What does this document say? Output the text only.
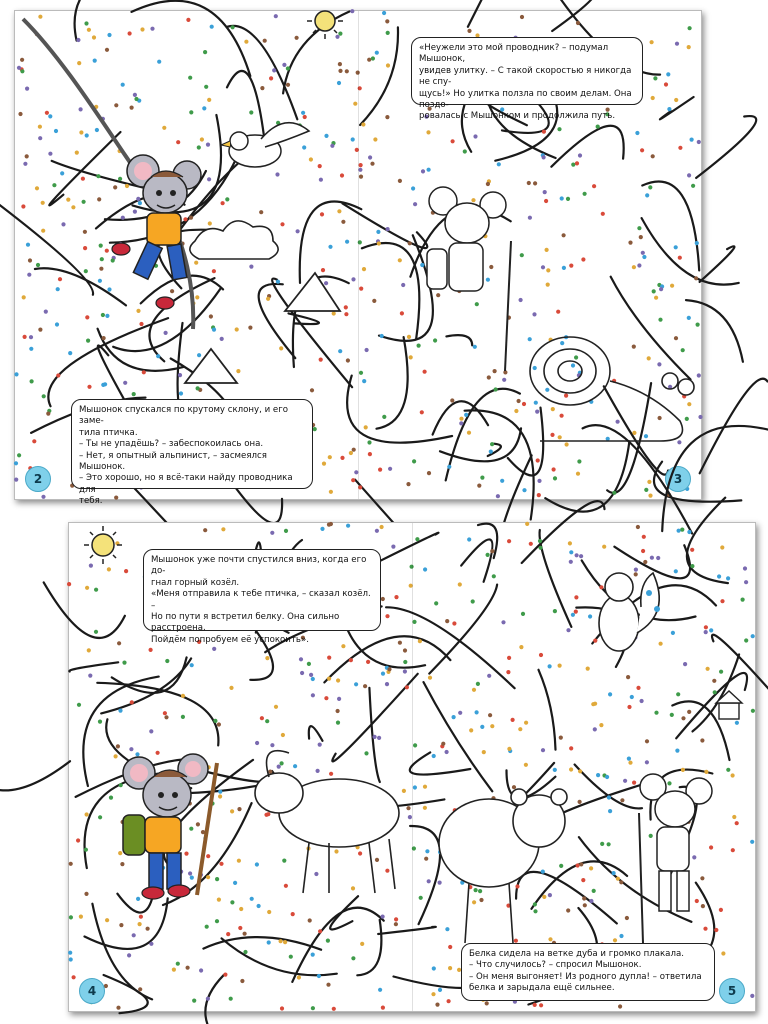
Мышонок спускался по крутому склону, и его заме-
тила птичка.
– Ты не упадёшь? – забеспокоилась она.
– Нет, я опытный альпинист, – засмеялся Мышонок.
– Это хорошо, но я всё-таки найду проводника для
тебя.
«Неужели это мой проводник? – подумал Мышонок,
увидев улитку. – С такой скоростью я никогда не спу-
щусь!» Но улитка ползла по своим делам. Она поздо-
ровалась с Мышонком и продолжила путь.
2	3
Мышонок уже почти спустился вниз, когда его до-
гнал горный козёл.
«Меня отправила к тебе птичка, – сказал козёл. –
Но по пути я встретил белку. Она сильно расстроена.
Пойдём попробуем её успокоить».
Белка сидела на ветке дуба и громко плакала.
– Что случилось? – спросил Мышонок.
– Он меня выгоняет! Из родного дупла! – ответила
белка и зарыдала ещё сильнее.
4	5
